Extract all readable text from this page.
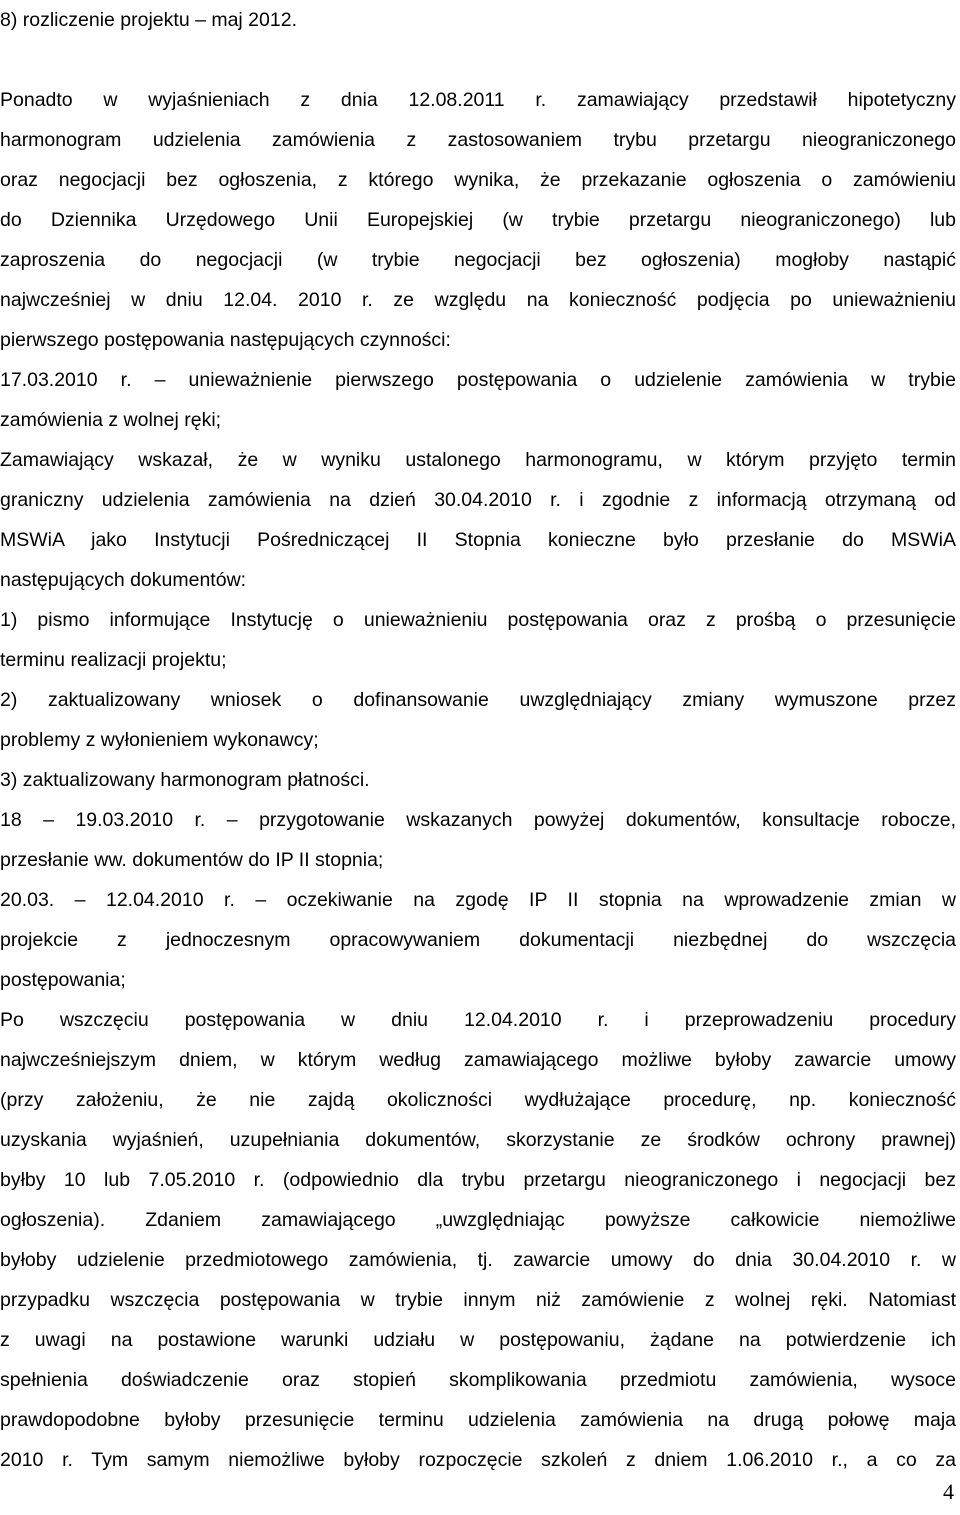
8) rozliczenie projektu – maj 2012.
Ponadto w wyjaśnieniach z dnia 12.08.2011 r. zamawiający przedstawił hipotetyczny
harmonogram udzielenia zamówienia z zastosowaniem trybu przetargu nieograniczonego
oraz negocjacji bez ogłoszenia, z którego wynika, że przekazanie ogłoszenia o zamówieniu
do Dziennika Urzędowego Unii Europejskiej (w trybie przetargu nieograniczonego) lub
zaproszenia do negocjacji (w trybie negocjacji bez ogłoszenia) mogłoby nastąpić
najwcześniej w dniu 12.04. 2010 r. ze względu na konieczność podjęcia po unieważnieniu
pierwszego postępowania następujących czynności:
17.03.2010 r. – unieważnienie pierwszego postępowania o udzielenie zamówienia w trybie
zamówienia z wolnej ręki;
Zamawiający wskazał, że w wyniku ustalonego harmonogramu, w którym przyjęto termin
graniczny udzielenia zamówienia na dzień 30.04.2010 r. i zgodnie z informacją otrzymaną od
MSWiA jako Instytucji Pośredniczącej II Stopnia konieczne było przesłanie do MSWiA
następujących dokumentów:
1) pismo informujące Instytucję o unieważnieniu postępowania oraz z prośbą o przesunięcie
terminu realizacji projektu;
2) zaktualizowany wniosek o dofinansowanie uwzględniający zmiany wymuszone przez
problemy z wyłonieniem wykonawcy;
3) zaktualizowany harmonogram płatności.
18 – 19.03.2010 r. – przygotowanie wskazanych powyżej dokumentów, konsultacje robocze,
przesłanie ww. dokumentów do IP II stopnia;
20.03. – 12.04.2010 r. – oczekiwanie na zgodę IP II stopnia na wprowadzenie zmian w
projekcie z jednoczesnym opracowywaniem dokumentacji niezbędnej do wszczęcia
postępowania;
Po wszczęciu postępowania w dniu 12.04.2010 r. i przeprowadzeniu procedury
najwcześniejszym dniem, w którym według zamawiającego możliwe byłoby zawarcie umowy
(przy założeniu, że nie zajdą okoliczności wydłużające procedurę, np. konieczność
uzyskania wyjaśnień, uzupełniania dokumentów, skorzystanie ze środków ochrony prawnej)
byłby 10 lub 7.05.2010 r. (odpowiednio dla trybu przetargu nieograniczonego i negocjacji bez
ogłoszenia). Zdaniem zamawiającego „uwzględniając powyższe całkowicie niemożliwe
byłoby udzielenie przedmiotowego zamówienia, tj. zawarcie umowy do dnia 30.04.2010 r. w
przypadku wszczęcia postępowania w trybie innym niż zamówienie z wolnej ręki. Natomiast
z uwagi na postawione warunki udziału w postępowaniu, żądane na potwierdzenie ich
spełnienia doświadczenie oraz stopień skomplikowania przedmiotu zamówienia, wysoce
prawdopodobne byłoby przesunięcie terminu udzielenia zamówienia na drugą połowę maja
2010 r. Tym samym niemożliwe byłoby rozpoczęcie szkoleń z dniem 1.06.2010 r., a co za
4
